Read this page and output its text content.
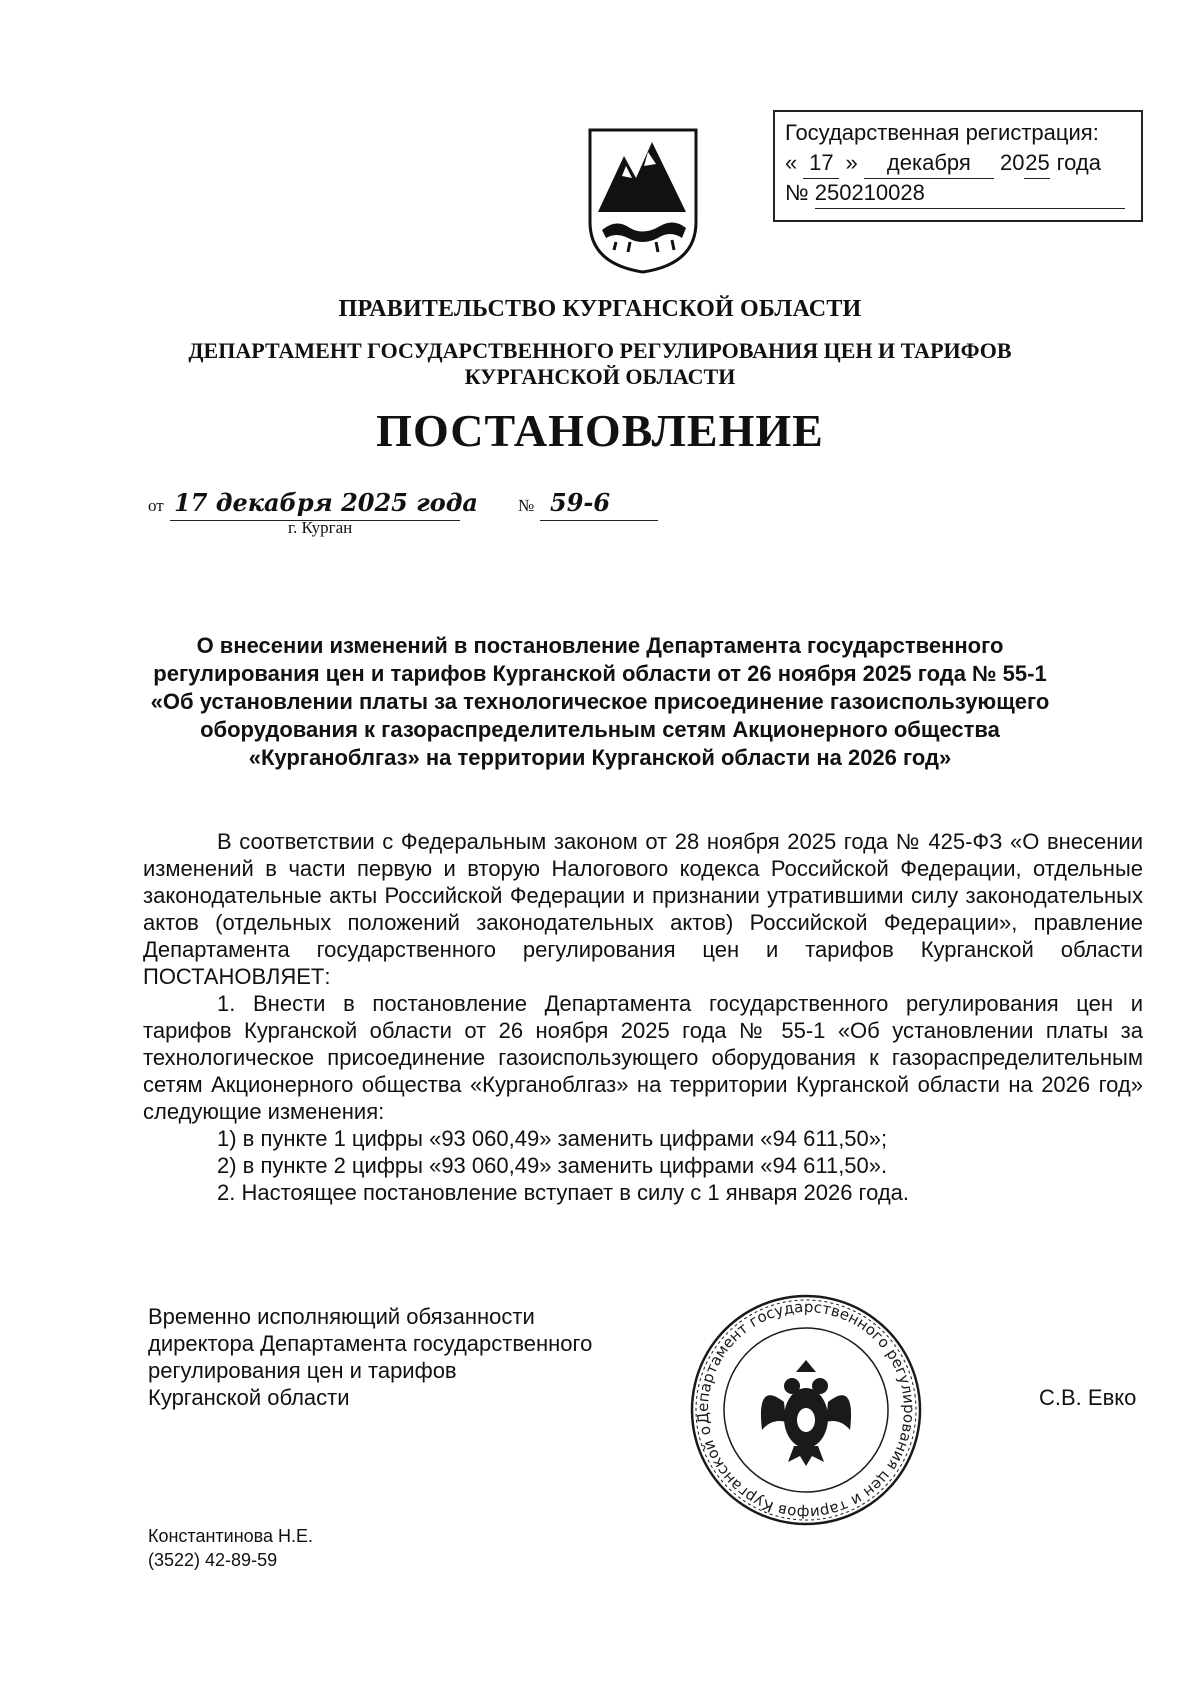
Государственная регистрация:
« 17 » декабря 2025 года
№ 250210028
ПРАВИТЕЛЬСТВО КУРГАНСКОЙ ОБЛАСТИ
ДЕПАРТАМЕНТ ГОСУДАРСТВЕННОГО РЕГУЛИРОВАНИЯ ЦЕН И ТАРИФОВ
КУРГАНСКОЙ ОБЛАСТИ
ПОСТАНОВЛЕНИЕ
от 17 декабря 2025 года № 59-6
г. Курган
О внесении изменений в постановление Департамента государственного
регулирования цен и тарифов Курганской области от 26 ноября 2025 года № 55-1
«Об установлении платы за технологическое присоединение газоиспользующего
оборудования к газораспределительным сетям Акционерного общества
«Курганоблгаз» на территории Курганской области на 2026 год»

В соответствии с Федеральным законом от 28 ноября 2025 года № 425-ФЗ «О внесении изменений в части первую и вторую Налогового кодекса Российской Федерации, отдельные законодательные акты Российской Федерации и признании утратившими силу законодательных актов (отдельных положений законодательных актов) Российской Федерации», правление Департамента государственного регулирования цен и тарифов Курганской области ПОСТАНОВЛЯЕТ:

1. Внести в постановление Департамента государственного регулирования цен и тарифов Курганской области от 26 ноября 2025 года № 55-1 «Об установлении платы за технологическое присоединение газоиспользующего оборудования к газораспределительным сетям Акционерного общества «Курганоблгаз» на территории Курганской области на 2026 год» следующие изменения:

1) в пункте 1 цифры «93 060,49» заменить цифрами «94 611,50»;

2) в пункте 2 цифры «93 060,49» заменить цифрами «94 611,50».

2. Настоящее постановление вступает в силу с 1 января 2026 года.

Временно исполняющий обязанности
директора Департамента государственного
регулирования цен и тарифов
Курганской области
Департамент государственного регулирования цен и тарифов Курганской области
С.В. Евко
Константинова Н.Е.
(3522) 42-89-59
